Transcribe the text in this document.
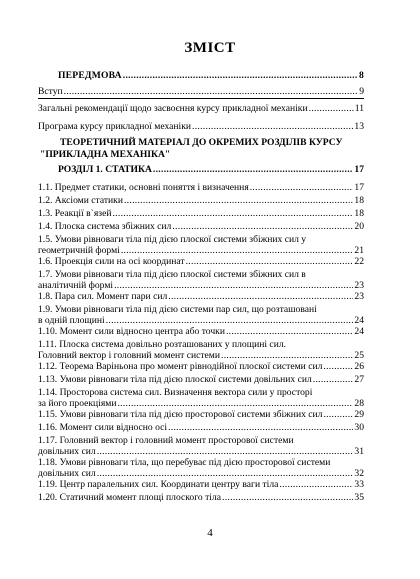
ЗМІСТ
ПЕРЕДМОВА .....	8
Вступ .....	9
Загальні рекомендації щодо засвоєння курсу прикладної механіки .....	11
Програма курсу прикладної механіки .....	13
ТЕОРЕТИЧНИЙ МАТЕРІАЛ ДО ОКРЕМИХ РОЗДІЛІВ КУРСУ
"ПРИКЛАДНА МЕХАНІКА"
РОЗДІЛ 1. СТАТИКА .....	17
1.1. Предмет статики, основні поняття і визначення .....	17
1.2. Аксіоми статики .....	18
1.3. Реакції в`язей .....	18
1.4. Плоска система збіжних сил .....	20
1.5. Умови рівноваги тіла під дією плоскої системи збіжних сил у
геометричній формі .....	21
1.6. Проекція сили на осі координат .....	22
1.7. Умови рівноваги тіла під дією плоскої системи збіжних сил в
аналітичній формі .....	23
1.8. Пара сил. Момент пари сил .....	23
1.9. Умови рівноваги тіла під дією системи пар сил, що розташовані
в одній площині .....	24
1.10. Момент сили відносно центра або точки .....	24
1.11. Плоска система довільно розташованих у площині сил.
Головний вектор і головний момент системи .....	25
1.12. Теорема Варіньона про момент рівнодійної плоскої системи сил .....	26
1.13. Умови рівноваги тіла під дією плоскої системи довільних сил .....	27
1.14. Просторова система сил. Визначення вектора сили у просторі
за його проекціями .....	28
1.15. Умови рівноваги тіла під дією просторової системи збіжних сил .....	29
1.16. Момент сили відносно осі .....	30
1.17. Головний вектор і головний момент просторової системи
довільних сил .....	31
1.18. Умови рівноваги тіла, що перебуває під дією просторової системи
довільних сил .....	32
1.19. Центр паралельних сил. Координати центру ваги тіла .....	33
1.20. Статичний момент площі плоского тіла .....	35
4
